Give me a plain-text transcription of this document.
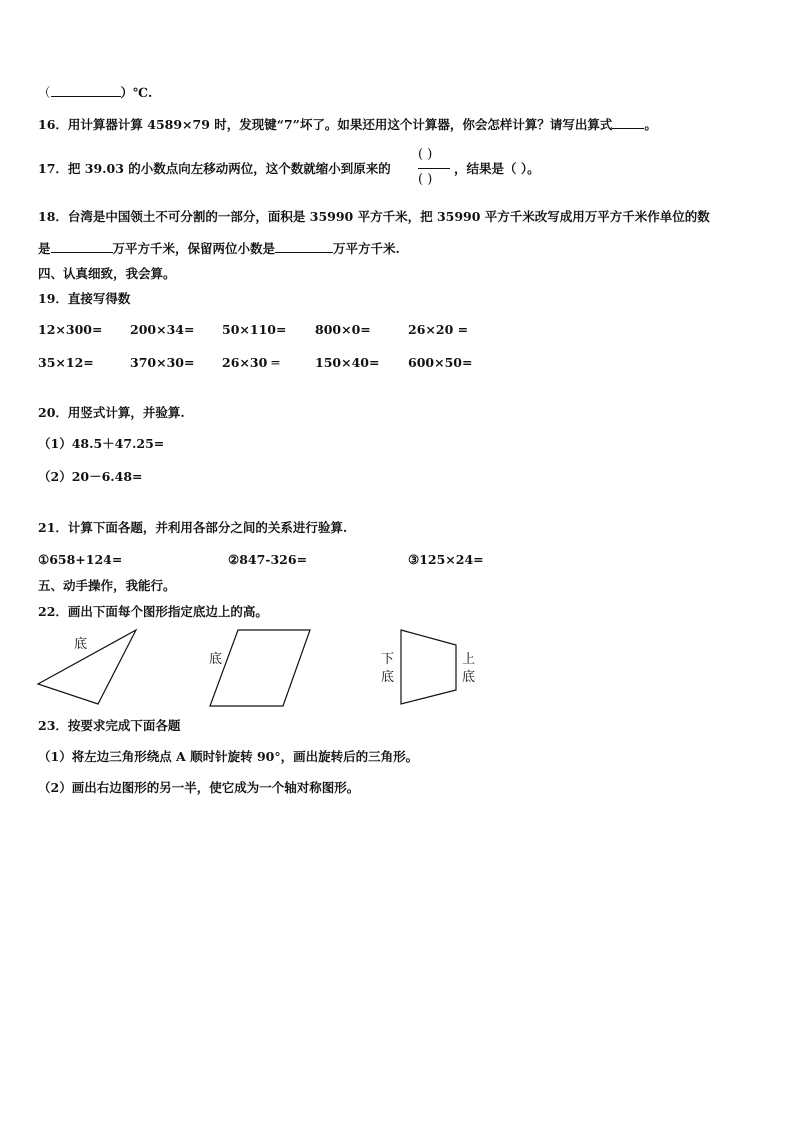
（	）℃.
16．用计算器计算 4589×79 时，发现键“7”坏了。如果还用这个计算器，你会怎样计算？请写出算式	。
17．把 39.03 的小数点向左移动两位，这个数就缩小到原来的
( )
( )
，结果是（ ）。
18．台湾是中国领土不可分割的一部分，面积是 35990 平方千米，把 35990 平方千米改写成用万平方千米作单位的数
是	万平方千米，保留两位小数是	万平方千米.
四、认真细致，我会算。
19．直接写得数
12×300= 200×34= 50×110= 800×0=	26×20 =
35×12=	370×30= 26×30 ═	150×40= 600×50=
20．用竖式计算，并验算.
（1）48.5＋47.25=
（2）20－6.48=
21．计算下面各题，并利用各部分之间的关系进行验算.
①658+124=	②847-326=	③125×24=
五、动手操作，我能行。
22．画出下面每个图形指定底边上的高。
底
底	下
底
上
底
23．按要求完成下面各题
（1）将左边三角形绕点 A 顺时针旋转 90°，画出旋转后的三角形。
（2）画出右边图形的另一半，使它成为一个轴对称图形。
